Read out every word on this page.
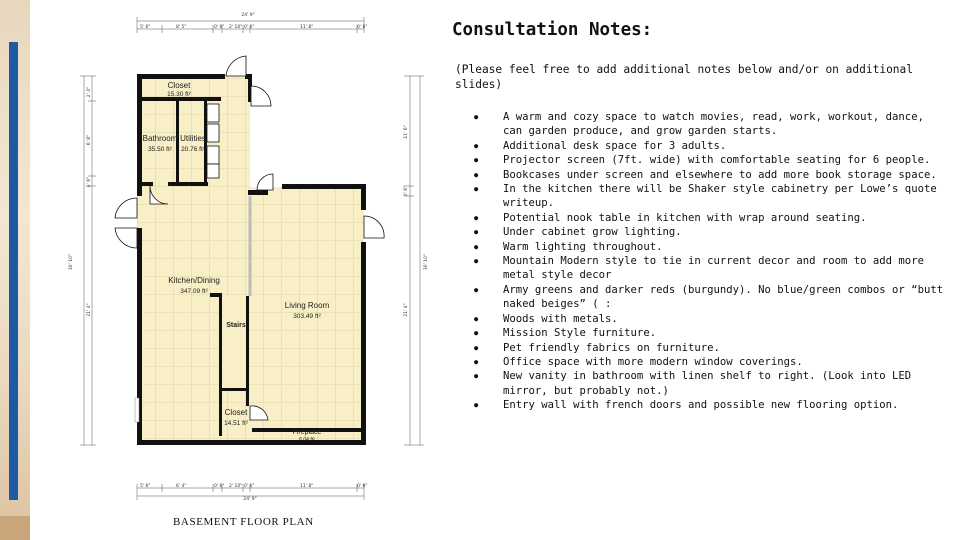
24' 9"
5' 6"	8' 5"	0' 6" 2' 10" 0' 6"	11' 8"	0' 6"
5' 6"	6' 4"	0' 6" 2' 10" 0' 6"	11' 8"	0' 6"
24' 9"
30' 10"
2' 4"
6' 8"
0' 6"
21' 4"
11' 6"
0' 6"
21' 4"
30' 10"
Closet
15.30 ft²
Bathroom
35.50 ft²
Utilities
20.76 ft²
Kitchen/Dining
347.09 ft²
Stairs
Living Room
303.49 ft²
Closet
14.51 ft²
Fireplace
6.04 ft²
BASEMENT FLOOR PLAN
Consultation Notes:
(Please feel free to add additional notes below and/or on additional slides)
● A warm and cozy space to watch movies, read, work, workout, dance, can garden produce, and grow garden starts.
● Additional desk space for 3 adults.
● Projector screen (7ft. wide) with comfortable seating for 6 people.
● Bookcases under screen and elsewhere to add more book storage space.
● In the kitchen there will be Shaker style cabinetry per Lowe’s quote writeup.
● Potential nook table in kitchen with wrap around seating.
● Under cabinet grow lighting.
● Warm lighting throughout.
● Mountain Modern style to tie in current decor and room to add more metal style decor
● Army greens and darker reds (burgundy). No blue/green combos or “butt naked beiges” ( :
● Woods with metals.
● Mission Style furniture.
● Pet friendly fabrics on furniture.
● Office space with more modern window coverings.
● New vanity in bathroom with linen shelf to right. (Look into LED mirror, but probably not.)
● Entry wall with french doors and possible new flooring option.
